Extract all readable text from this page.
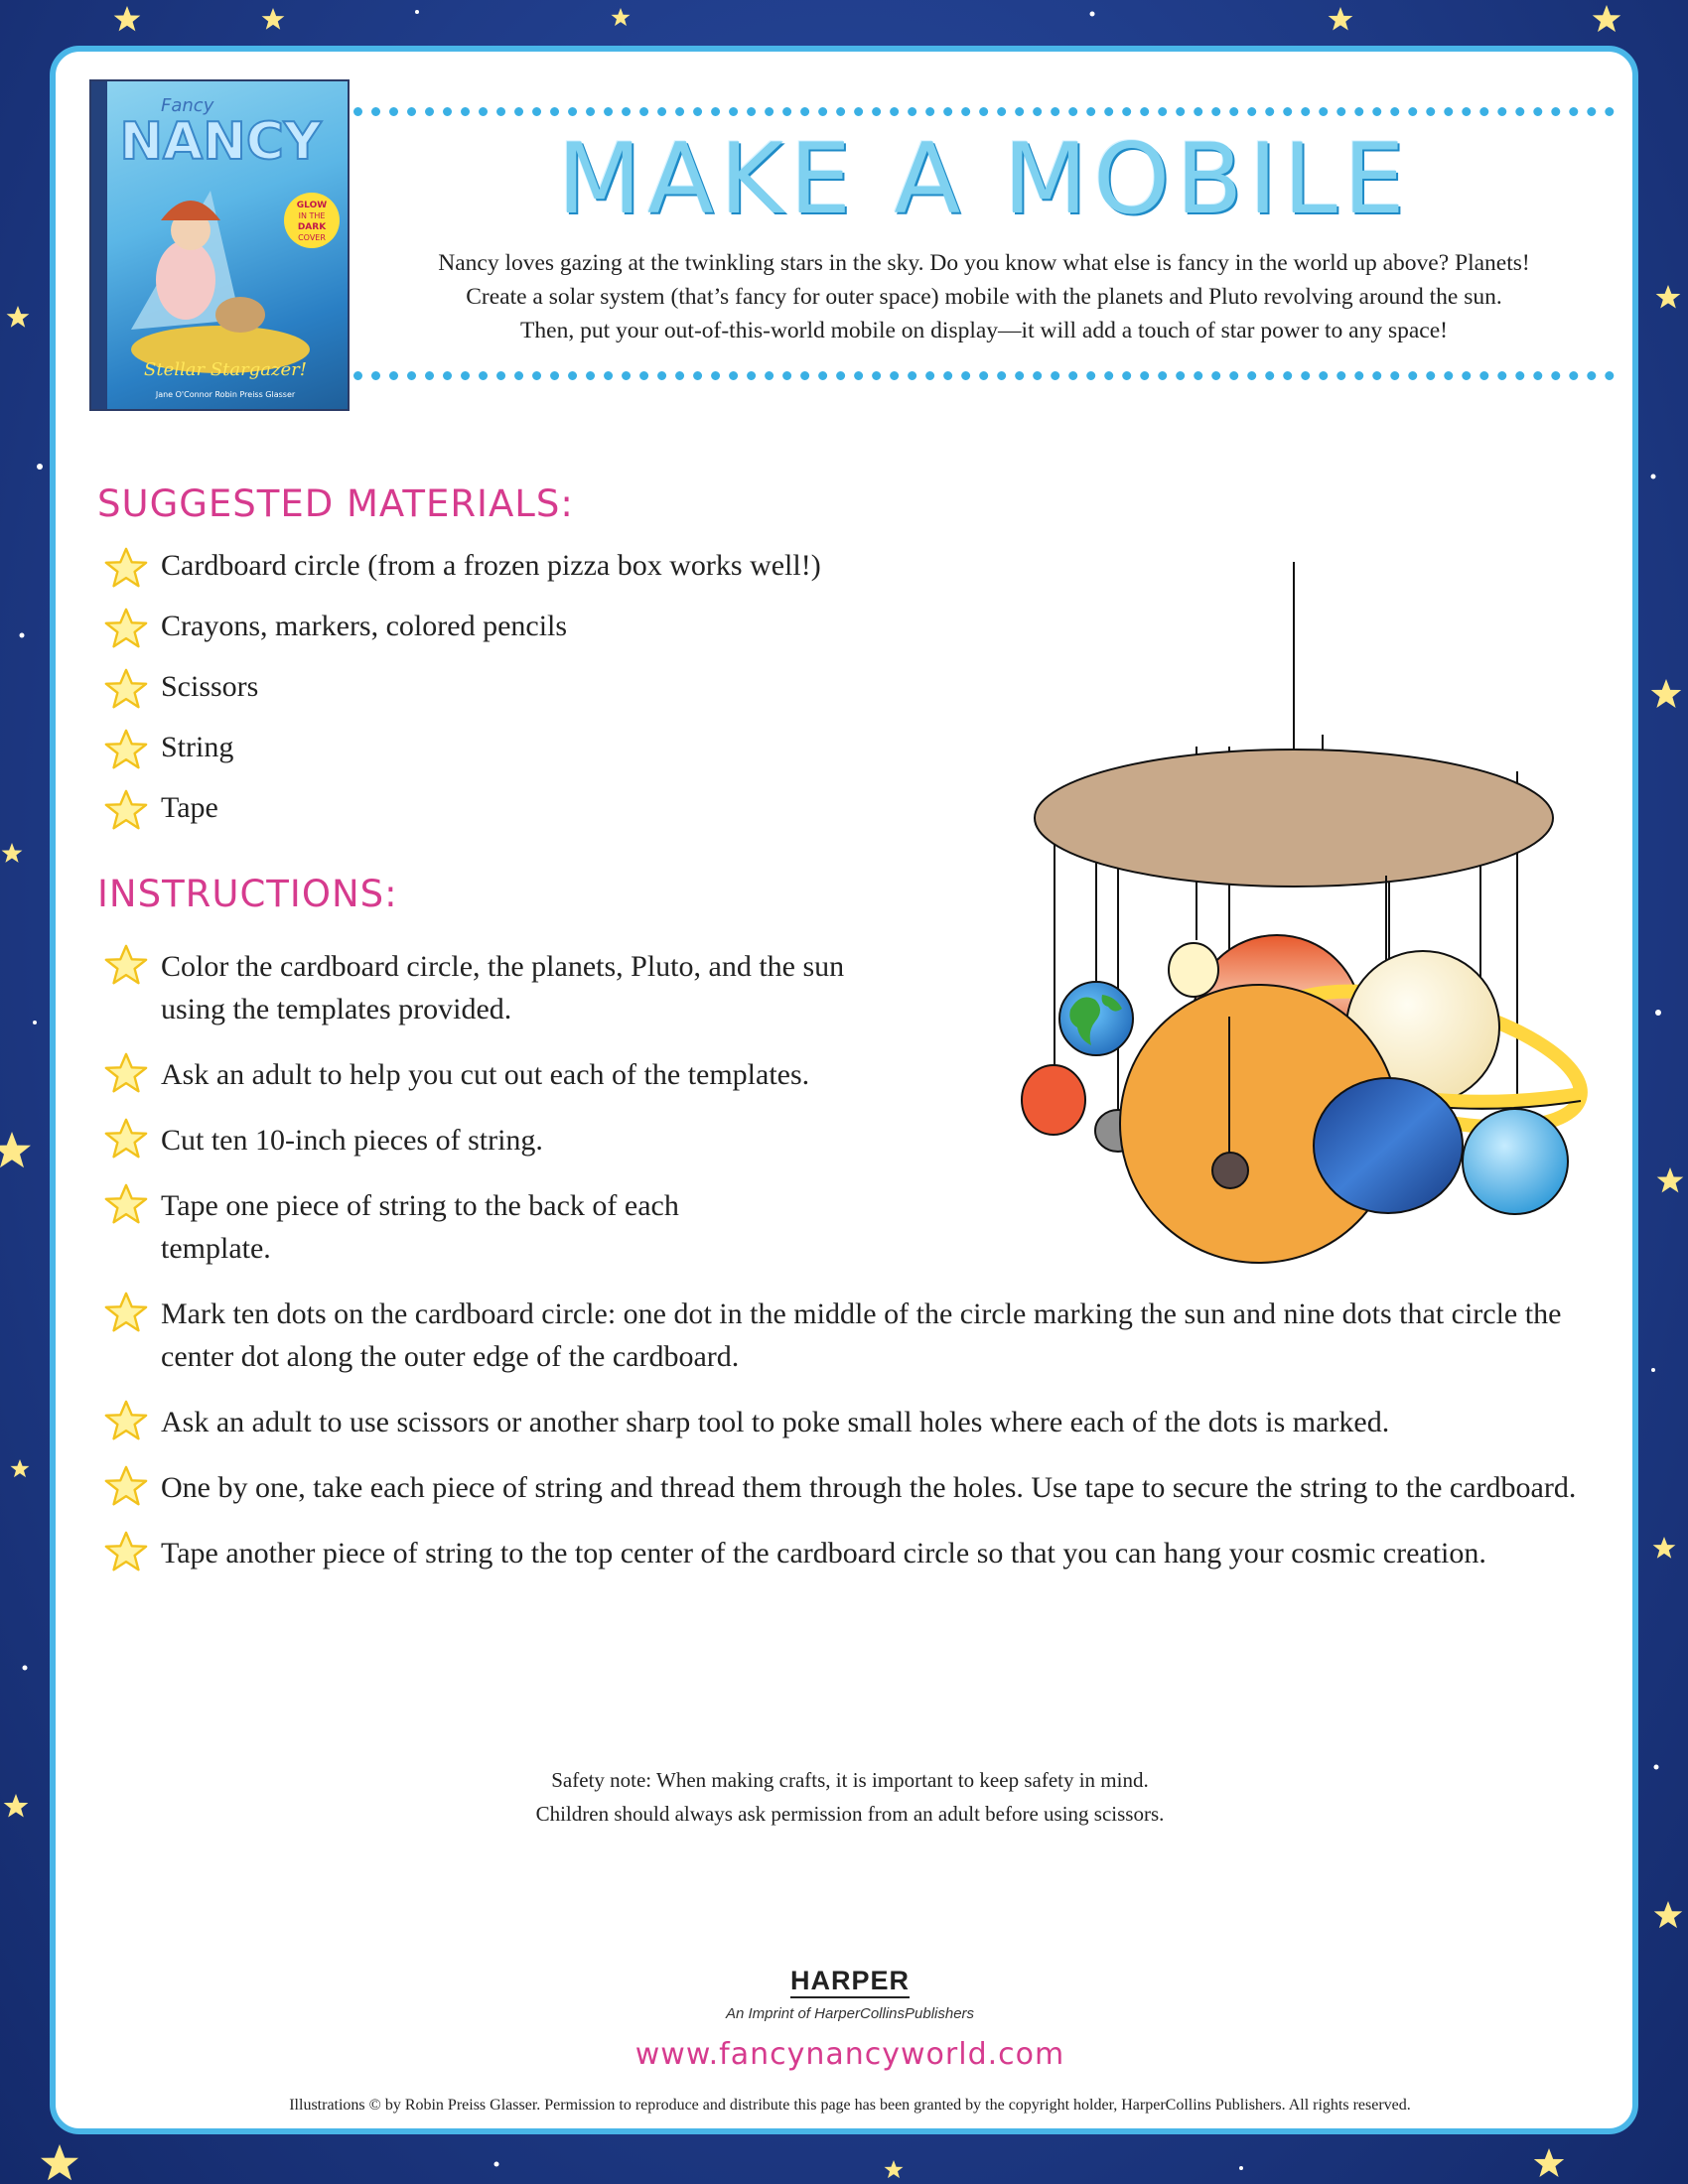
Fancy
NANCY
GLOW
IN THE
DARK
COVER
Stellar Stargazer!
Jane O'Connor Robin Preiss Glasser
MAKE A MOBILE

Nancy loves gazing at the twinkling stars in the sky. Do you know what else is fancy in the world up above? Planets!
Create a solar system (that’s fancy for outer space) mobile with the planets and Pluto revolving around the sun.
Then, put your out-of-this-world mobile on display—it will add a touch of star power to any space!

SUGGESTED MATERIALS:
Cardboard circle (from a frozen pizza box works well!)
Crayons, markers, colored pencils
Scissors
String
Tape
INSTRUCTIONS:
Color the cardboard circle, the planets, Pluto, and the sun using the templates provided.
Ask an adult to help you cut out each of the templates.
Cut ten 10-inch pieces of string.
Tape one piece of string to the back of each template.
Mark ten dots on the cardboard circle: one dot in the middle of the circle marking the sun and nine dots that circle the center dot along the outer edge of the cardboard.
Ask an adult to use scissors or another sharp tool to poke small holes where each of the dots is marked.
One by one, take each piece of string and thread them through the holes. Use tape to secure the string to the cardboard.
Tape another piece of string to the top center of the cardboard circle so that you can hang your cosmic creation.

Safety note: When making crafts, it is important to keep safety in mind.
Children should always ask permission from an adult before using scissors.

HARPER
An Imprint of HarperCollinsPublishers
www.fancynancyworld.com
Illustrations © by Robin Preiss Glasser. Permission to reproduce and distribute this page has been granted by the copyright holder, HarperCollins Publishers. All rights reserved.
